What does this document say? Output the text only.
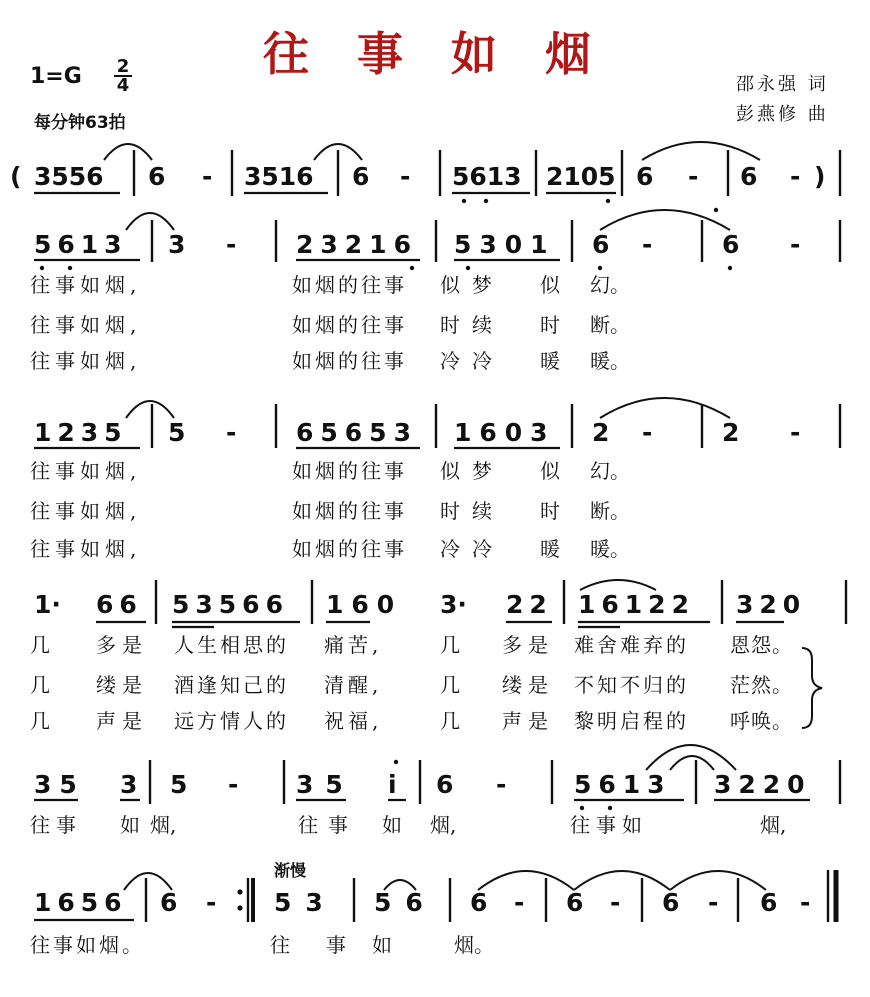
往 事 如 烟
1=G 2
4
每分钟63拍
邵永强 词
彭燕修 曲
( 3556 6 - 3516 6 - 5613 2105 6 - 6 - )
5613 3 - 23216 5301 6 -	6 -
往事如烟,	如烟的往事 似梦 似 幻。
往事如烟,	如烟的往事 时续 时 断。
往事如烟,	如烟的往事 冷冷 暖 暖。
1235 5 - 65653 1603 2 -	2 -
往事如烟,	如烟的往事 似梦 似 幻。
往事如烟,	如烟的往事 时续 时 断。
往事如烟,	如烟的往事 冷冷 暖 暖。
1· 66 53566 160 3· 22 16122 320
几 多是 人生相思的 痛苦,	几 多是 难舍难弃的 恩怨。
几 缕是 酒逢知己的 清醒,	几 缕是 不知不归的 茫然。
几 声是 远方情人的 祝福,	几 声是 黎明启程的 呼唤。
35 3 5 - 35 i 6 -	5613 3220
往事 如 烟,	往事 如 烟,	往事如	烟,
渐慢
1656 6 - 53 56 6 - 6 - 6 - 6 -
往事如烟。	往 事 如	烟。
